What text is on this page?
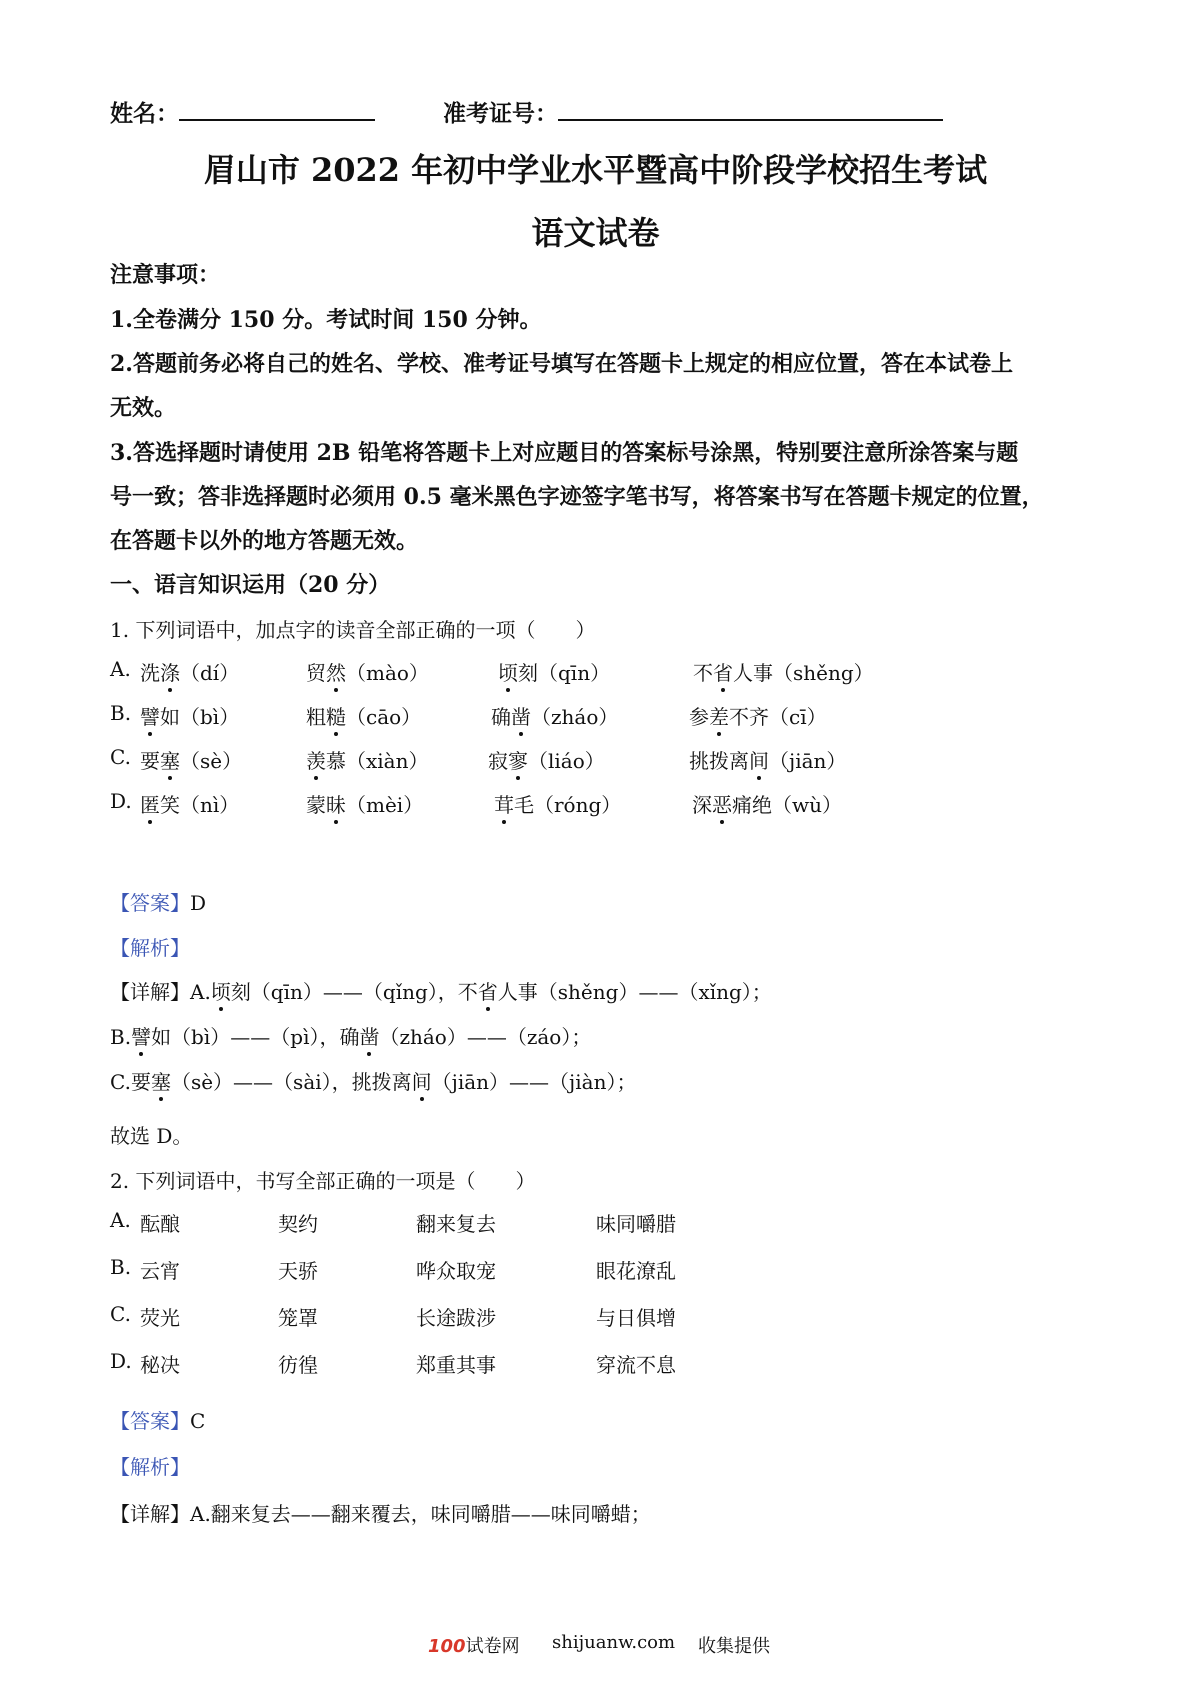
姓名：	准考证号：
眉山市 2022 年初中学业水平暨高中阶段学校招生考试
语文试卷
注意事项：
1.全卷满分 150 分。考试时间 150 分钟。
2.答题前务必将自己的姓名、学校、准考证号填写在答题卡上规定的相应位置，答在本试卷上
无效。
3.答选择题时请使用 2B 铅笔将答题卡上对应题目的答案标号涂黑，特别要注意所涂答案与题
号一致；答非选择题时必须用 0.5 毫米黑色字迹签字笔书写，将答案书写在答题卡规定的位置，
在答题卡以外的地方答题无效。
一、语言知识运用（20 分）
1. 下列词语中，加点字的读音全部正确的一项（　　）
A. 洗涤（dí）	贸然（mào）	顷刻（qīn）	不省人事（shěng）
B. 譬如（bì）	粗糙（cāo）	确凿（zháo）	参差不齐（cī）
C. 要塞（sè）	羡慕（xiàn）	寂寥（liáo）	挑拨离间（jiān）
D. 匿笑（nì）	蒙昧（mèi）	茸毛（róng）	深恶痛绝（wù）
【答案】D
【解析】
【详解】A.顷刻（qīn）——（qǐng），不省人事（shěng）——（xǐng）；
B.譬如（bì）——（pì），确凿（zháo）——（záo）；
C.要塞（sè）——（sài），挑拨离间（jiān）——（jiàn）；
故选 D。
2. 下列词语中，书写全部正确的一项是（　　）
A. 酝酿	契约	翻来复去	味同嚼腊
B. 云宵	天骄	哗众取宠	眼花潦乱
C. 荧光	笼罩	长途跋涉	与日俱增
D. 秘决	彷徨	郑重其事	穿流不息
【答案】C
【解析】
【详解】A.翻来复去——翻来覆去，味同嚼腊——味同嚼蜡；
100试卷网 shijuanw.com 收集提供
